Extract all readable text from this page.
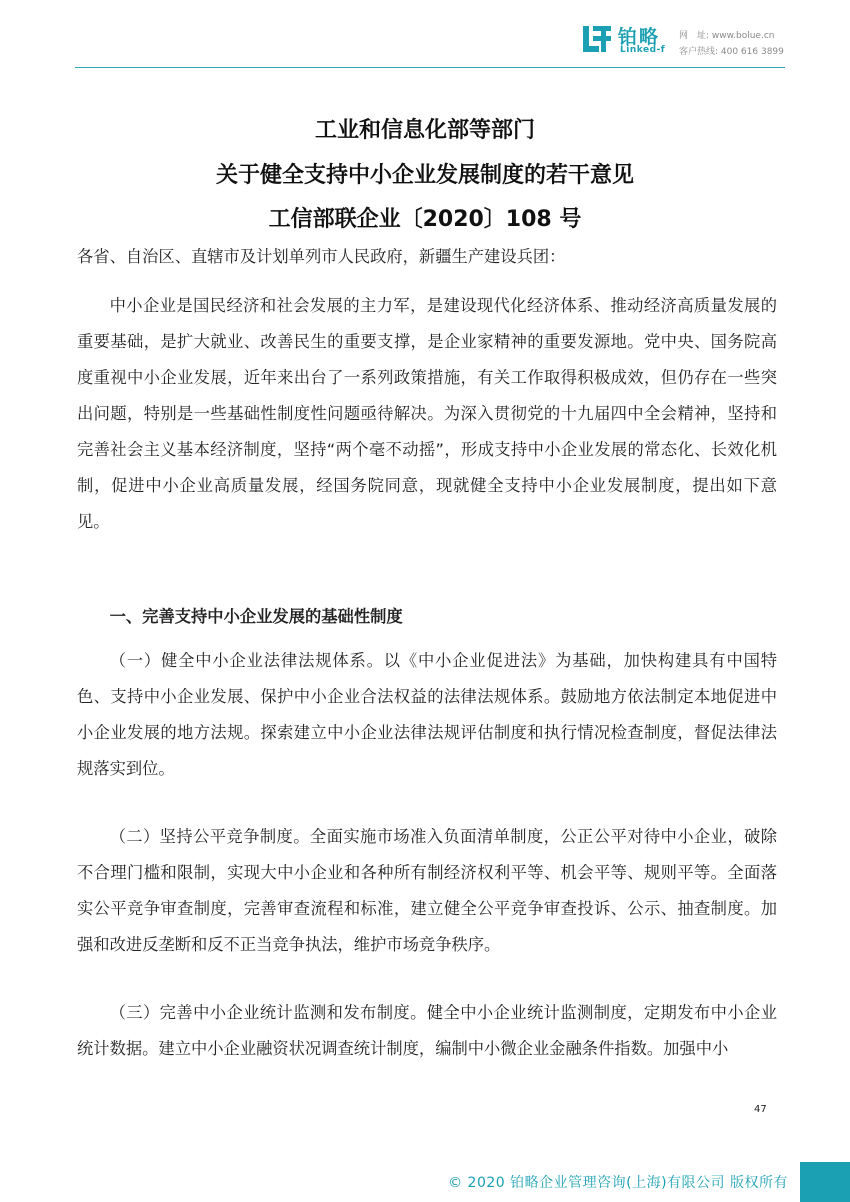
铂略
Linked-f
网　址: www.bolue.cn
客户热线: 400 616 3899
工业和信息化部等部门
关于健全支持中小企业发展制度的若干意见
工信部联企业〔2020〕108 号

各省、自治区、直辖市及计划单列市人民政府，新疆生产建设兵团：

中小企业是国民经济和社会发展的主力军，是建设现代化经济体系、推动经济高质量发展的重要基础，是扩大就业、改善民生的重要支撑，是企业家精神的重要发源地。党中央、国务院高度重视中小企业发展，近年来出台了一系列政策措施，有关工作取得积极成效，但仍存在一些突出问题，特别是一些基础性制度性问题亟待解决。为深入贯彻党的十九届四中全会精神，坚持和完善社会主义基本经济制度，坚持“两个毫不动摇”，形成支持中小企业发展的常态化、长效化机制，促进中小企业高质量发展，经国务院同意，现就健全支持中小企业发展制度，提出如下意见。

一、完善支持中小企业发展的基础性制度

（一）健全中小企业法律法规体系。以《中小企业促进法》为基础，加快构建具有中国特色、支持中小企业发展、保护中小企业合法权益的法律法规体系。鼓励地方依法制定本地促进中小企业发展的地方法规。探索建立中小企业法律法规评估制度和执行情况检查制度，督促法律法规落实到位。

（二）坚持公平竞争制度。全面实施市场准入负面清单制度，公正公平对待中小企业，破除不合理门槛和限制，实现大中小企业和各种所有制经济权利平等、机会平等、规则平等。全面落实公平竞争审查制度，完善审查流程和标准，建立健全公平竞争审查投诉、公示、抽查制度。加强和改进反垄断和反不正当竞争执法，维护市场竞争秩序。

（三）完善中小企业统计监测和发布制度。健全中小企业统计监测制度，定期发布中小企业统计数据。建立中小企业融资状况调查统计制度，编制中小微企业金融条件指数。加强中小

47
© 2020 铂略企业管理咨询(上海)有限公司 版权所有
